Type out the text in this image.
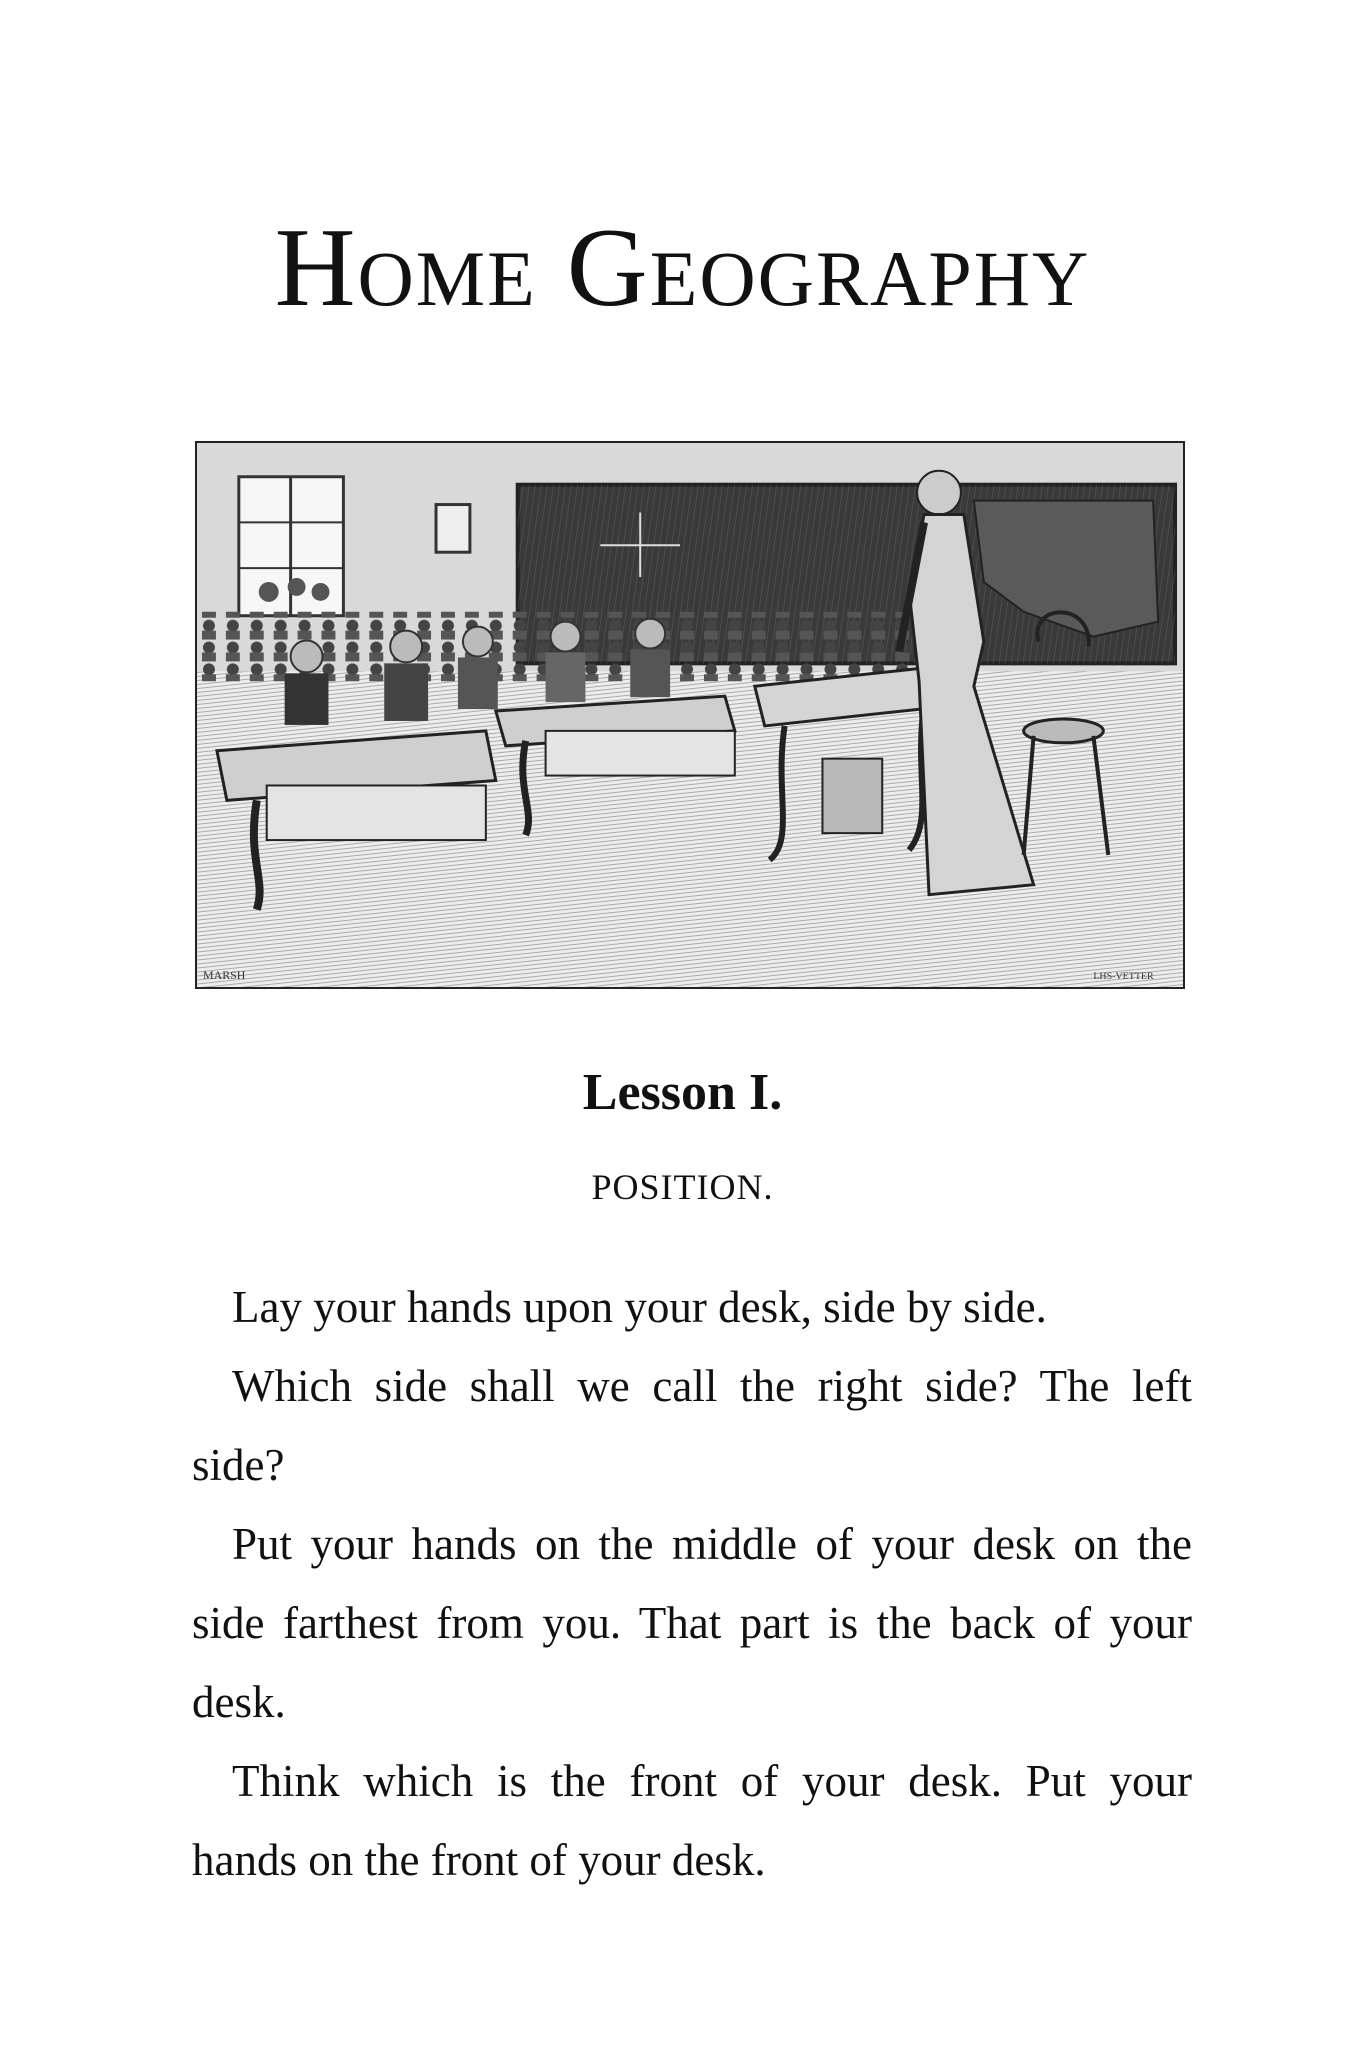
Home Geography
MARSH	LHS-VETTER
Lesson I.
POSITION.

Lay your hands upon your desk, side by side.

Which side shall we call the right side? The left side?

Put your hands on the middle of your desk on the side farthest from you. That part is the back of your desk.

Think which is the front of your desk. Put your hands on the front of your desk.
